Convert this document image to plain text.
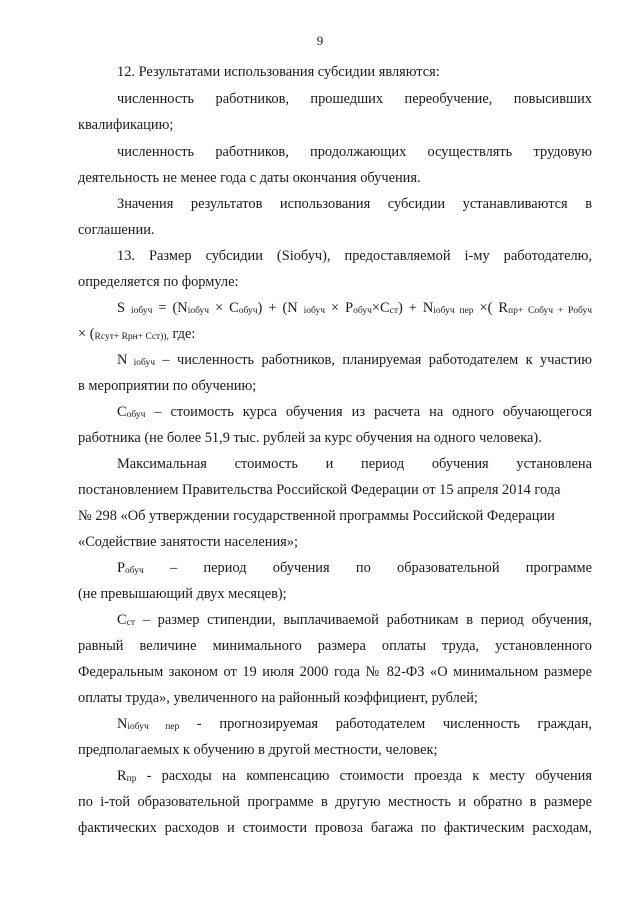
9
12. Результатами использования субсидии являются:
численность работников, прошедших переобучение, повысивших
квалификацию;
численность работников, продолжающих осуществлять трудовую
деятельность не менее года с даты окончания обучения.
Значения результатов использования субсидии устанавливаются в
соглашении.
13. Размер субсидии (Siобуч), предоставляемой i-му работодателю,
определяется по формуле:
S $_{iобуч} = (N_{iобуч} \times C_{обуч}) + (N$ $_{iобуч} \times P_{обуч}\times C_{ст}) + N_{iобуч пер}$ ×( $R_{пр+ Cобуч + Pобуч}$
× ($_{Rсут+ Rрн+ Cст)),}$ где:
N $_{iобуч}$ – численность работников, планируемая работодателем к участию
в мероприятии по обучению;
$C_{обуч}$ – стоимость курса обучения из расчета на одного обучающегося
работника (не более 51,9 тыс. рублей за курс обучения на одного человека).
Максимальная стоимость и период обучения установлена
постановлением Правительства Российской Федерации от 15 апреля 2014 года
№ 298 «Об утверждении государственной программы Российской Федерации
«Содействие занятости населения»;
$P_{обуч}$ – период обучения по образовательной программе
(не превышающий двух месяцев);
$C_{ст}$ – размер стипендии, выплачиваемой работникам в период обучения,
равный величине минимального размера оплаты труда, установленного
Федеральным законом от 19 июля 2000 года № 82-ФЗ «О минимальном размере
оплаты труда», увеличенного на районный коэффициент, рублей;
$N_{iобуч пер}$ - прогнозируемая работодателем численность граждан,
предполагаемых к обучению в другой местности, человек;
$R_{пр}$ - расходы на компенсацию стоимости проезда к месту обучения
по i-той образовательной программе в другую местность и обратно в размере
фактических расходов и стоимости провоза багажа по фактическим расходам,
